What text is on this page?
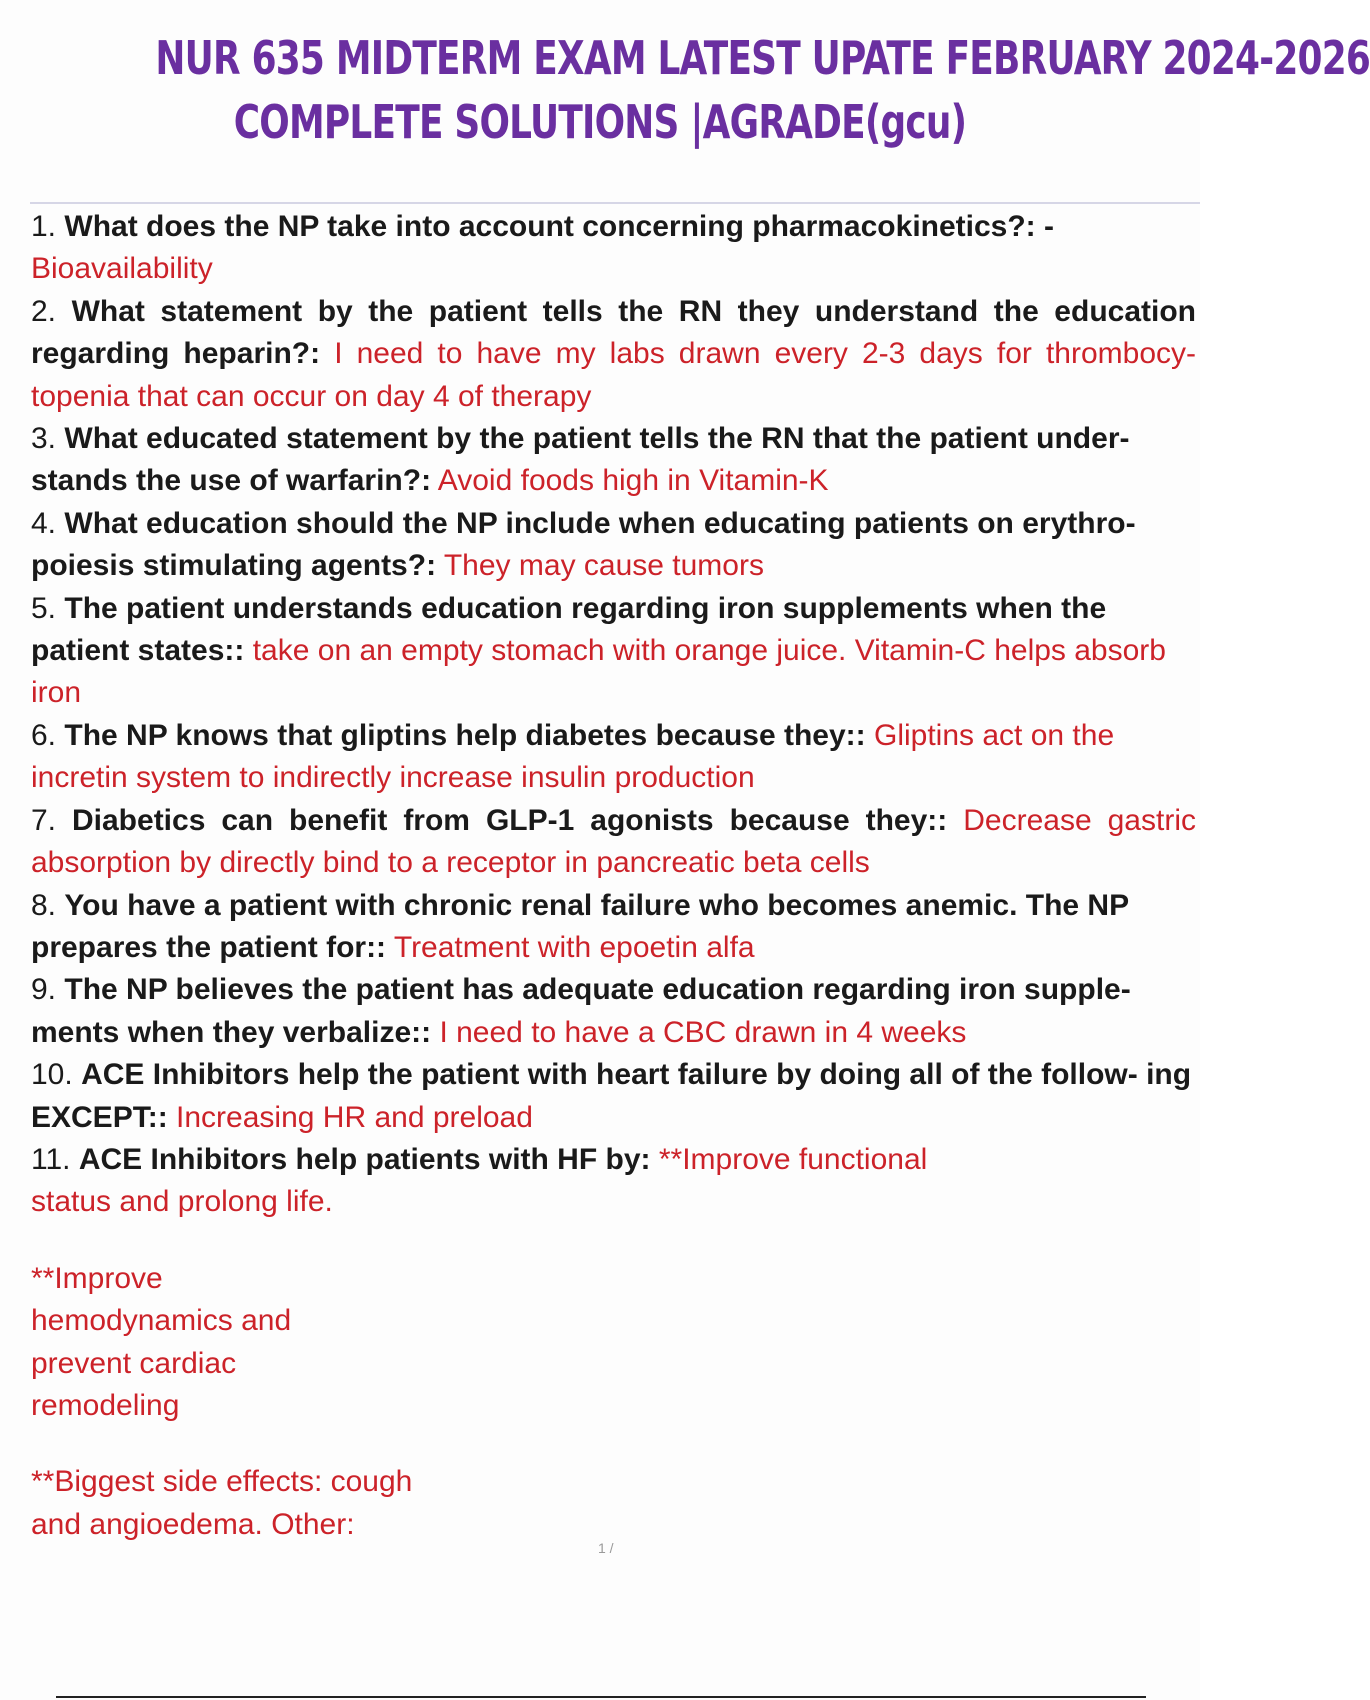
NUR 635 MIDTERM EXAM LATEST UPATE FEBRUARY 2024-2026
COMPLETE SOLUTIONS |AGRADE(gcu)

1. What does the NP take into account concerning pharmacokinetics?: - Bioavailability

2. What statement by the patient tells the RN they understand the education regarding heparin?: I need to have my labs drawn every 2-3 days for thrombocy- topenia that can occur on day 4 of therapy

3. What educated statement by the patient tells the RN that the patient under- stands the use of warfarin?: Avoid foods high in Vitamin-K

4. What education should the NP include when educating patients on erythro- poiesis stimulating agents?: They may cause tumors

5. The patient understands education regarding iron supplements when the patient states:: take on an empty stomach with orange juice. Vitamin-C helps absorb iron

6. The NP knows that gliptins help diabetes because they:: Gliptins act on the incretin system to indirectly increase insulin production

7. Diabetics can benefit from GLP-1 agonists because they:: Decrease gastric absorption by directly bind to a receptor in pancreatic beta cells

8. You have a patient with chronic renal failure who becomes anemic. The NP prepares the patient for:: Treatment with epoetin alfa

9. The NP believes the patient has adequate education regarding iron supple- ments when they verbalize:: I need to have a CBC drawn in 4 weeks

10. ACE Inhibitors help the patient with heart failure by doing all of the follow- ing EXCEPT:: Increasing HR and preload

11. ACE Inhibitors help patients with HF by: **Improve functional

status and prolong life.

**Improve

hemodynamics and

prevent cardiac

remodeling

**Biggest side effects: cough

and angioedema. Other:

1 /
